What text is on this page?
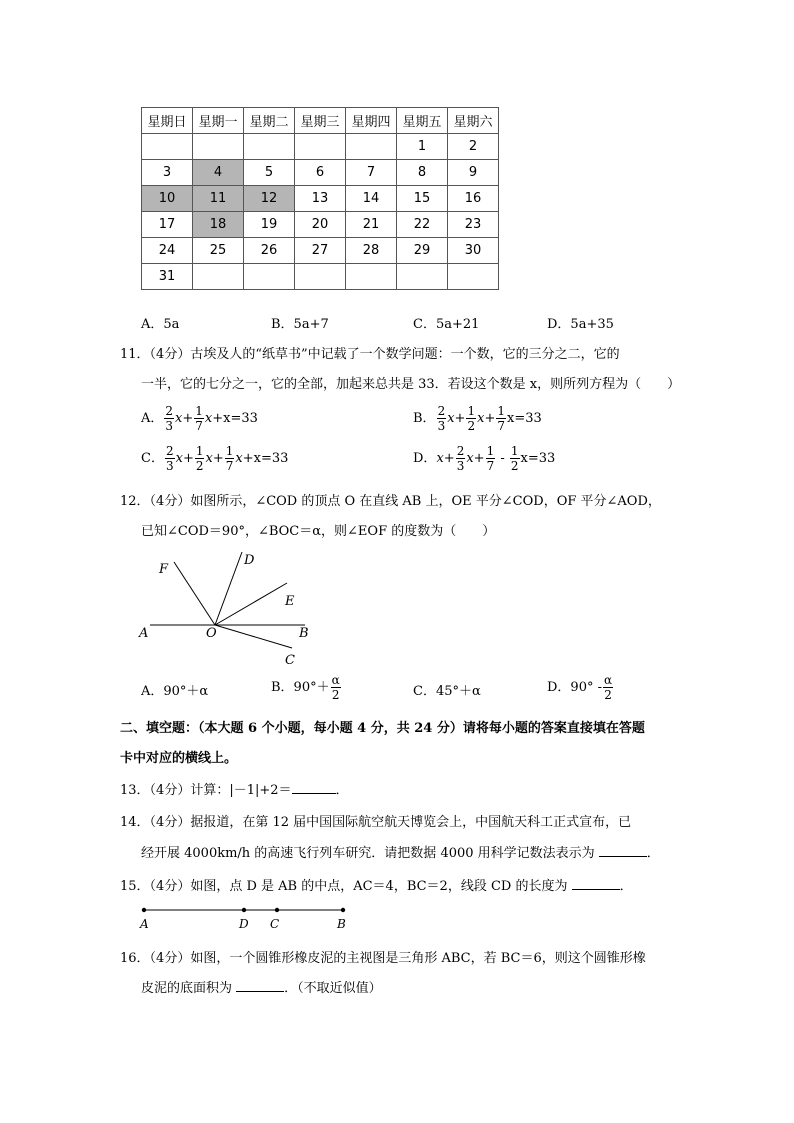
星期日	星期一	星期二	星期三	星期四	星期五	星期六
					1	2
3	4	5	6	7	8	9
10	11	12	13	14	15	16
17	18	19	20	21	22	23
24	25	26	27	28	29	30
31						
A．5a	B．5a+7	C．5a+21	D．5a+35
11．（4分）古埃及人的“纸草书”中记载了一个数学问题：一个数，它的三分之二，它的
一半，它的七分之一，它的全部，加起来总共是 33．若设这个数是 x，则所列方程为（　　）
A． $\frac{2}{3} x+ \frac{1}{7} x+x=33$	B． $\frac{2}{3} x+ \frac{1}{2} x+ \frac{1}{7} x=33$
C． $\frac{2}{3} x+ \frac{1}{2} x+ \frac{1}{7} x+x=33$	D．$x+ \frac{2}{3} x+ \frac{1}{7} - \frac{1}{2} x=33$
12．（4分）如图所示，∠COD 的顶点 O 在直线 AB 上，OE 平分∠COD，OF 平分∠AOD，
已知∠COD＝90°，∠BOC＝α，则∠EOF 的度数为（　　）
F
D
E
A	O	B
C
A．90°＋α	B．$90^\circ+ \frac{\alpha}{2}$	C．45°＋α	D．$90^\circ - \frac{\alpha}{2}$
二、填空题：（本大题 6 个小题，每小题 4 分，共 24 分）请将每小题的答案直接填在答题
卡中对应的横线上。
13．（4分）计算：|－1|+2＝	．
14．（4分）据报道，在第 12 届中国国际航空航天博览会上，中国航天科工正式宣布，已
经开展 4000km/h 的高速飞行列车研究．请把数据 4000 用科学记数法表示为	．
15．（4分）如图，点 D 是 AB 的中点，AC＝4，BC＝2，线段 CD 的长度为	．
A	D C	B
16．（4分）如图，一个圆锥形橡皮泥的主视图是三角形 ABC，若 BC＝6，则这个圆锥形橡
皮泥的底面积为	．（不取近似值）
